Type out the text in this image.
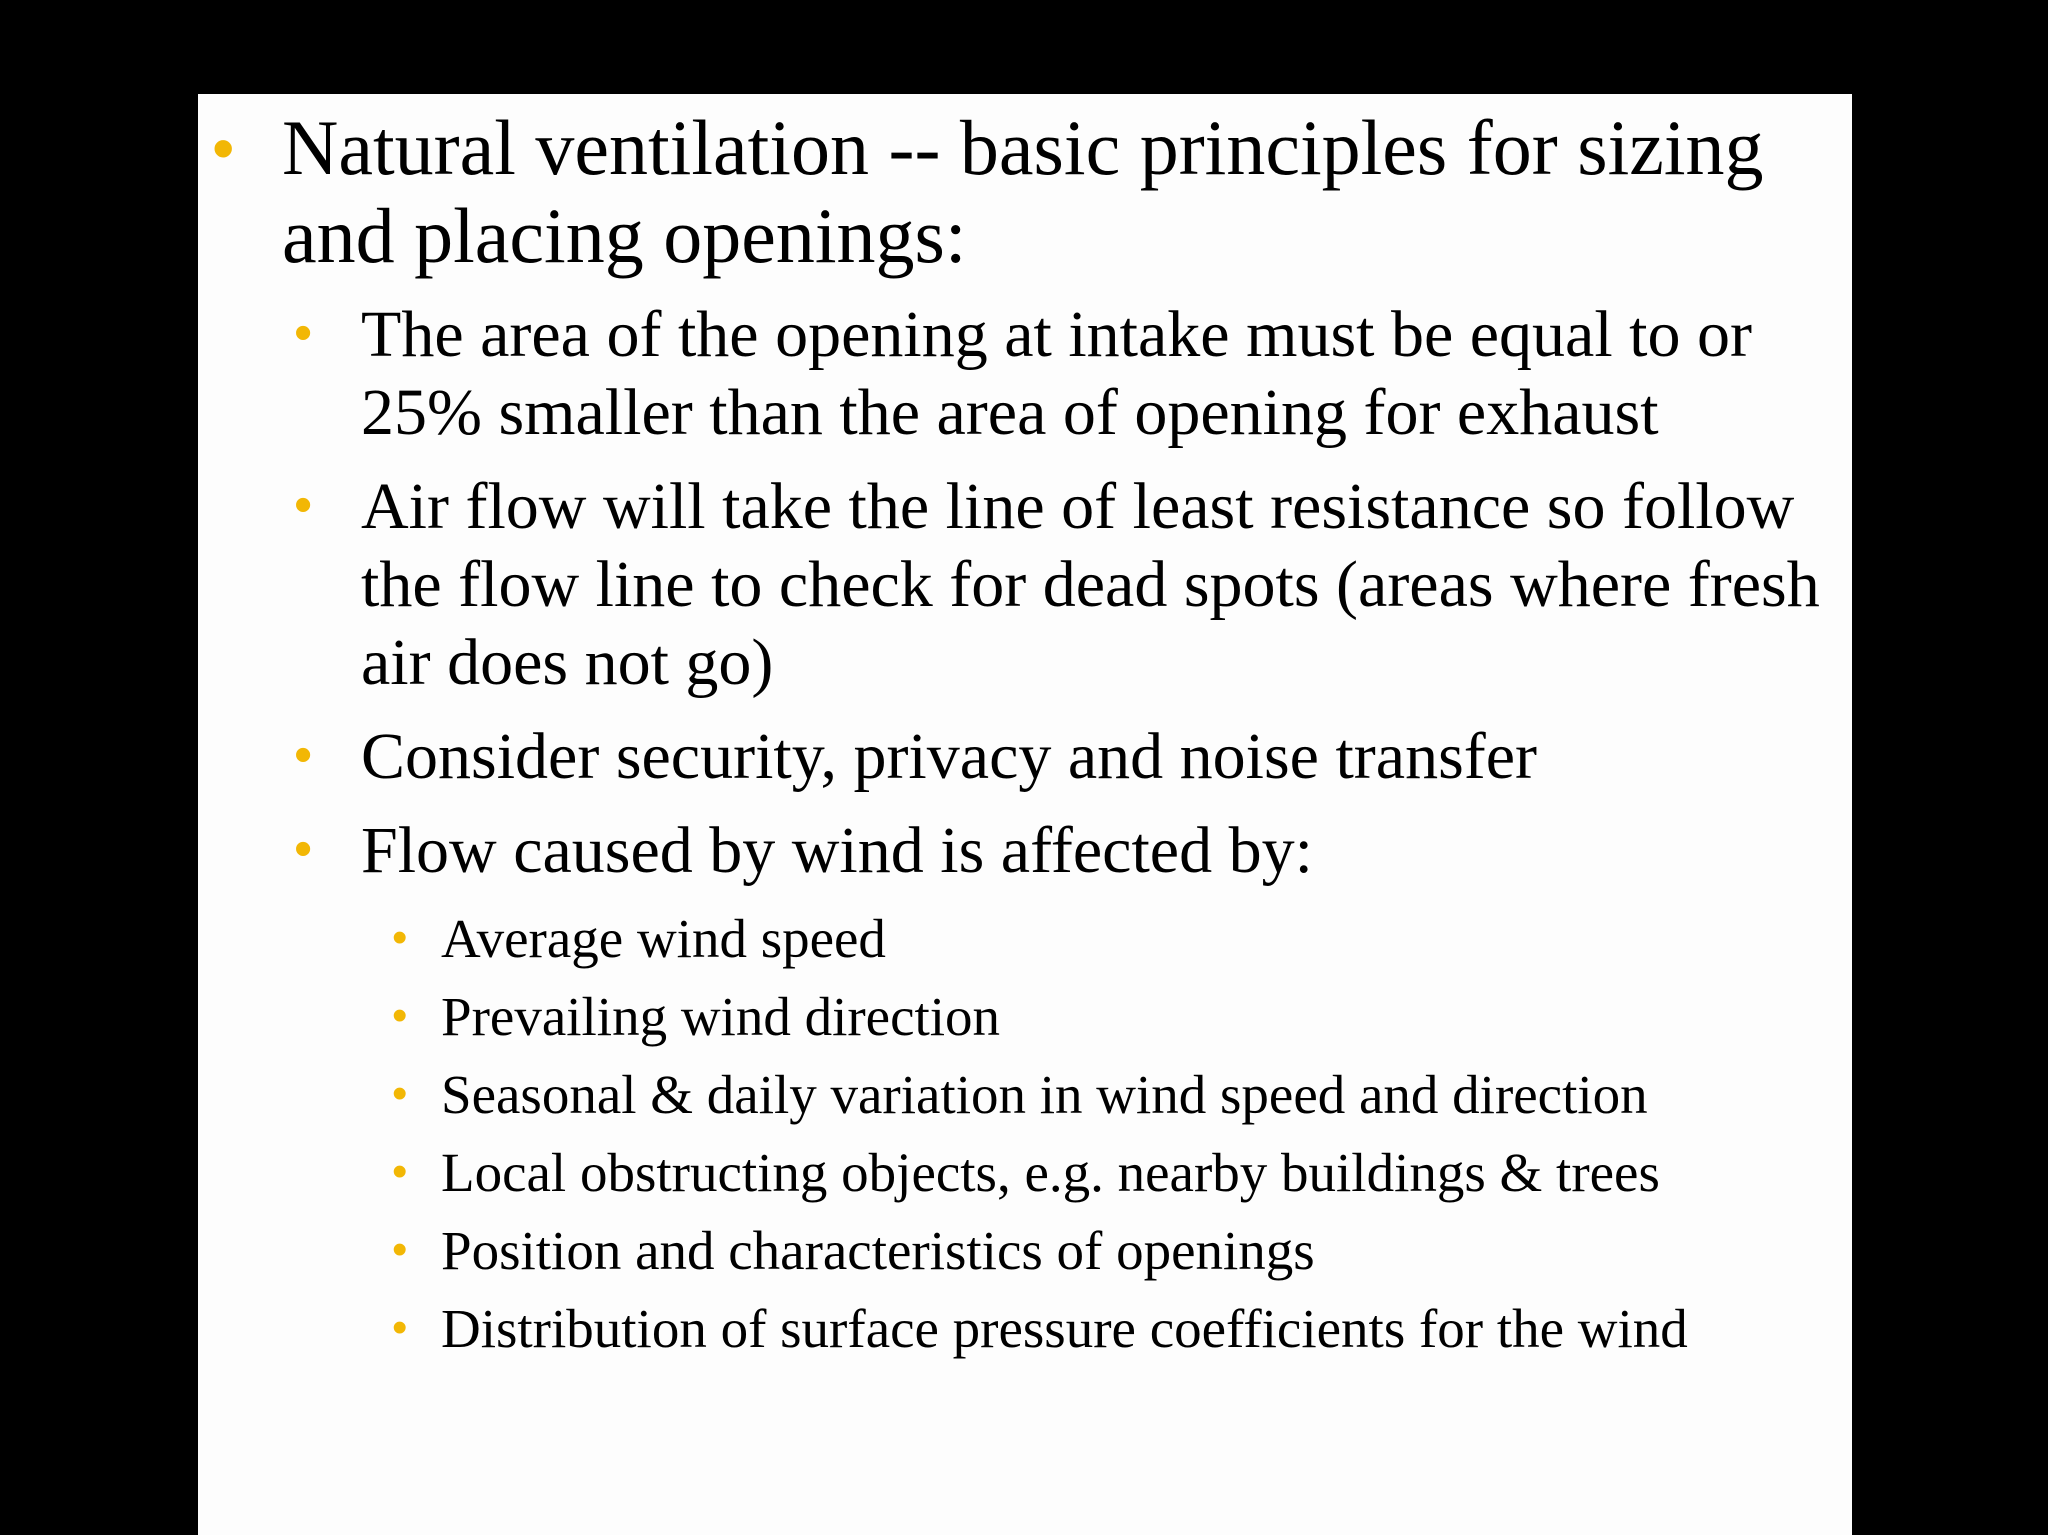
• Natural ventilation -- basic principles for sizing and placing openings:
• The area of the opening at intake must be equal to or 25% smaller than the area of opening for exhaust
• Air flow will take the line of least resistance so follow the flow line to check for dead spots (areas where fresh air does not go)
• Consider security, privacy and noise transfer
• Flow caused by wind is affected by:
• Average wind speed
• Prevailing wind direction
• Seasonal & daily variation in wind speed and direction
• Local obstructing objects, e.g. nearby buildings & trees
• Position and characteristics of openings
• Distribution of surface pressure coefficients for the wind
